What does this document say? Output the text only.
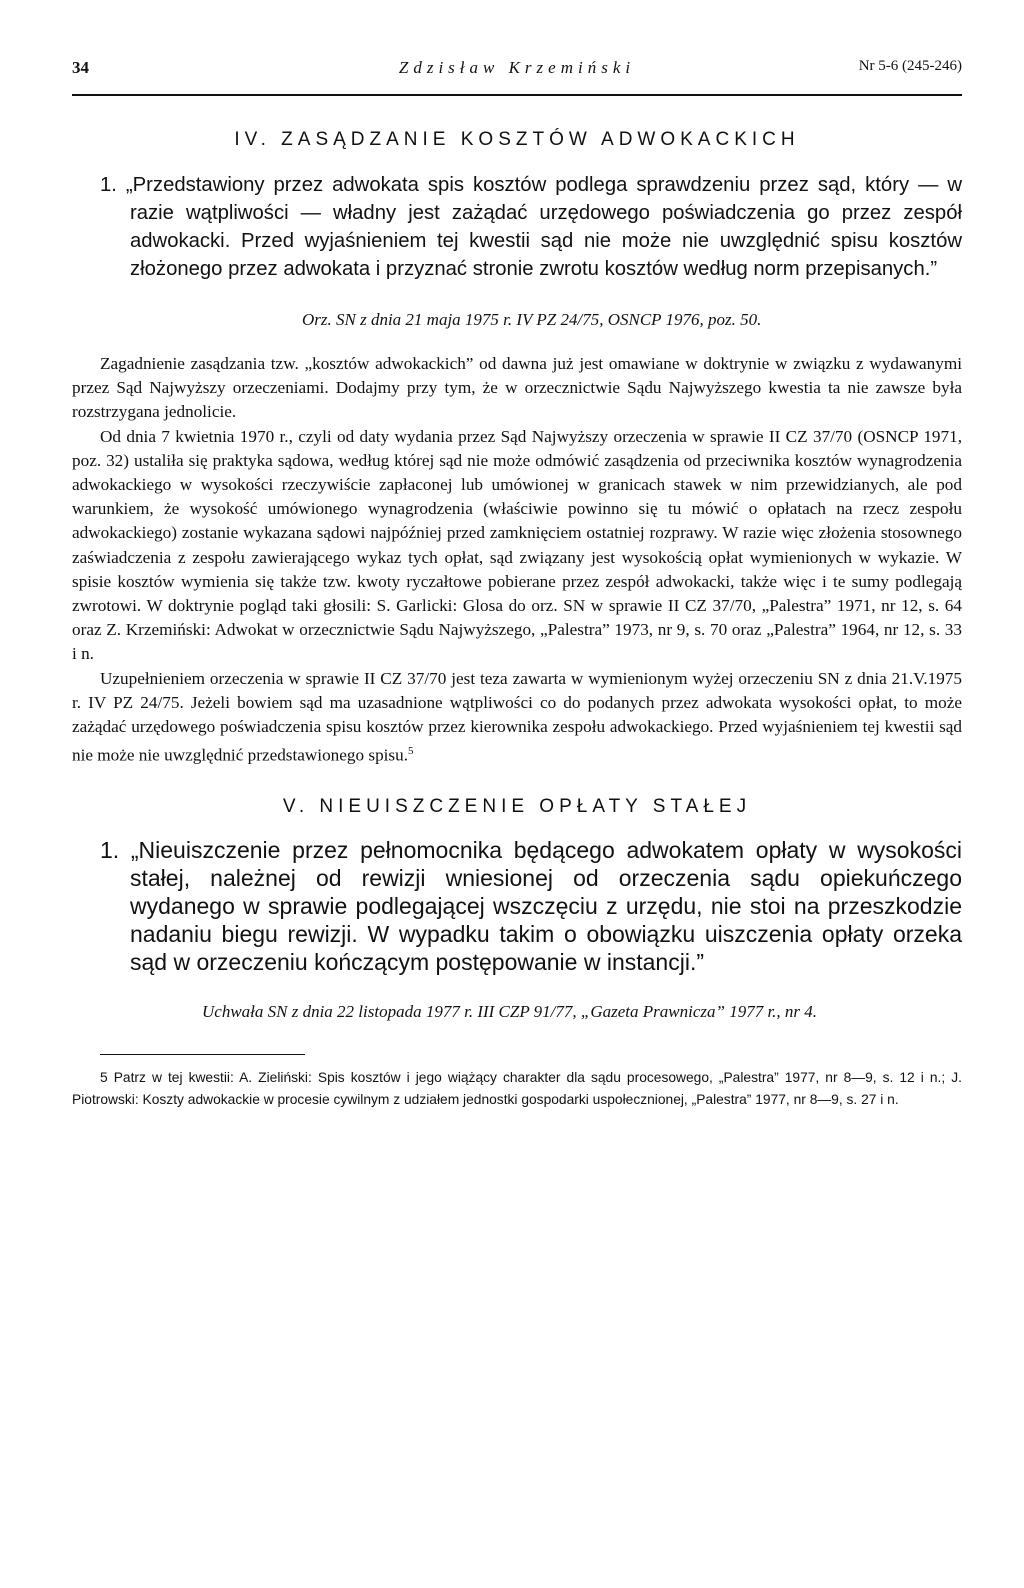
34	Zdzisław Krzemiński	Nr 5-6 (245-246)
IV. ZASĄDZANIE KOSZTÓW ADWOKACKICH
1. „Przedstawiony przez adwokata spis kosztów podlega sprawdzeniu przez sąd, który — w razie wątpliwości — władny jest zażądać urzędowego poświadczenia go przez zespół adwokacki. Przed wyjaśnieniem tej kwestii sąd nie może nie uwzględnić spisu kosztów złożonego przez adwokata i przyznać stronie zwrotu kosztów według norm przepisanych.”
Orz. SN z dnia 21 maja 1975 r. IV PZ 24/75, OSNCP 1976, poz. 50.

Zagadnienie zasądzania tzw. „kosztów adwokackich” od dawna już jest omawiane w doktrynie w związku z wydawanymi przez Sąd Najwyższy orzeczeniami. Dodajmy przy tym, że w orzecznictwie Sądu Najwyższego kwestia ta nie zawsze była rozstrzygana jednolicie.

Od dnia 7 kwietnia 1970 r., czyli od daty wydania przez Sąd Najwyższy orzeczenia w sprawie II CZ 37/70 (OSNCP 1971, poz. 32) ustaliła się praktyka sądowa, według której sąd nie może odmówić zasądzenia od przeciwnika kosztów wynagrodzenia adwokackiego w wysokości rzeczywiście zapłaconej lub umówionej w granicach stawek w nim przewidzianych, ale pod warunkiem, że wysokość umówionego wynagrodzenia (właściwie powinno się tu mówić o opłatach na rzecz zespołu adwokackiego) zostanie wykazana sądowi najpóźniej przed zamknięciem ostatniej rozprawy. W razie więc złożenia stosownego zaświadczenia z zespołu zawierającego wykaz tych opłat, sąd związany jest wysokością opłat wymienionych w wykazie. W spisie kosztów wymienia się także tzw. kwoty ryczałtowe pobierane przez zespół adwokacki, także więc i te sumy podlegają zwrotowi. W doktrynie pogląd taki głosili: S. Garlicki: Glosa do orz. SN w sprawie II CZ 37/70, „Palestra” 1971, nr 12, s. 64 oraz Z. Krzemiński: Adwokat w orzecznictwie Sądu Najwyższego, „Palestra” 1973, nr 9, s. 70 oraz „Palestra” 1964, nr 12, s. 33 i n.

Uzupełnieniem orzeczenia w sprawie II CZ 37/70 jest teza zawarta w wymienionym wyżej orzeczeniu SN z dnia 21.V.1975 r. IV PZ 24/75. Jeżeli bowiem sąd ma uzasadnione wątpliwości co do podanych przez adwokata wysokości opłat, to może zażądać urzędowego poświadczenia spisu kosztów przez kierownika zespołu adwokackiego. Przed wyjaśnieniem tej kwestii sąd nie może nie uwzględnić przedstawionego spisu.$^5$

V. NIEUISZCZENIE OPŁATY STAŁEJ
1. „Nieuiszczenie przez pełnomocnika będącego adwokatem opłaty w wysokości stałej, należnej od rewizji wniesionej od orzeczenia sądu opiekuńczego wydanego w sprawie podlegającej wszczęciu z urzędu, nie stoi na przeszkodzie nadaniu biegu rewizji. W wypadku takim o obowiązku uiszczenia opłaty orzeka sąd w orzeczeniu kończącym postępowanie w instancji.”
Uchwała SN z dnia 22 listopada 1977 r. III CZP 91/77, „Gazeta Prawnicza” 1977 r., nr 4.
5 Patrz w tej kwestii: A. Zieliński: Spis kosztów i jego wiążący charakter dla sądu procesowego, „Palestra” 1977, nr 8—9, s. 12 i n.; J. Piotrowski: Koszty adwokackie w procesie cywilnym z udziałem jednostki gospodarki uspołecznionej, „Palestra” 1977, nr 8—9, s. 27 i n.
